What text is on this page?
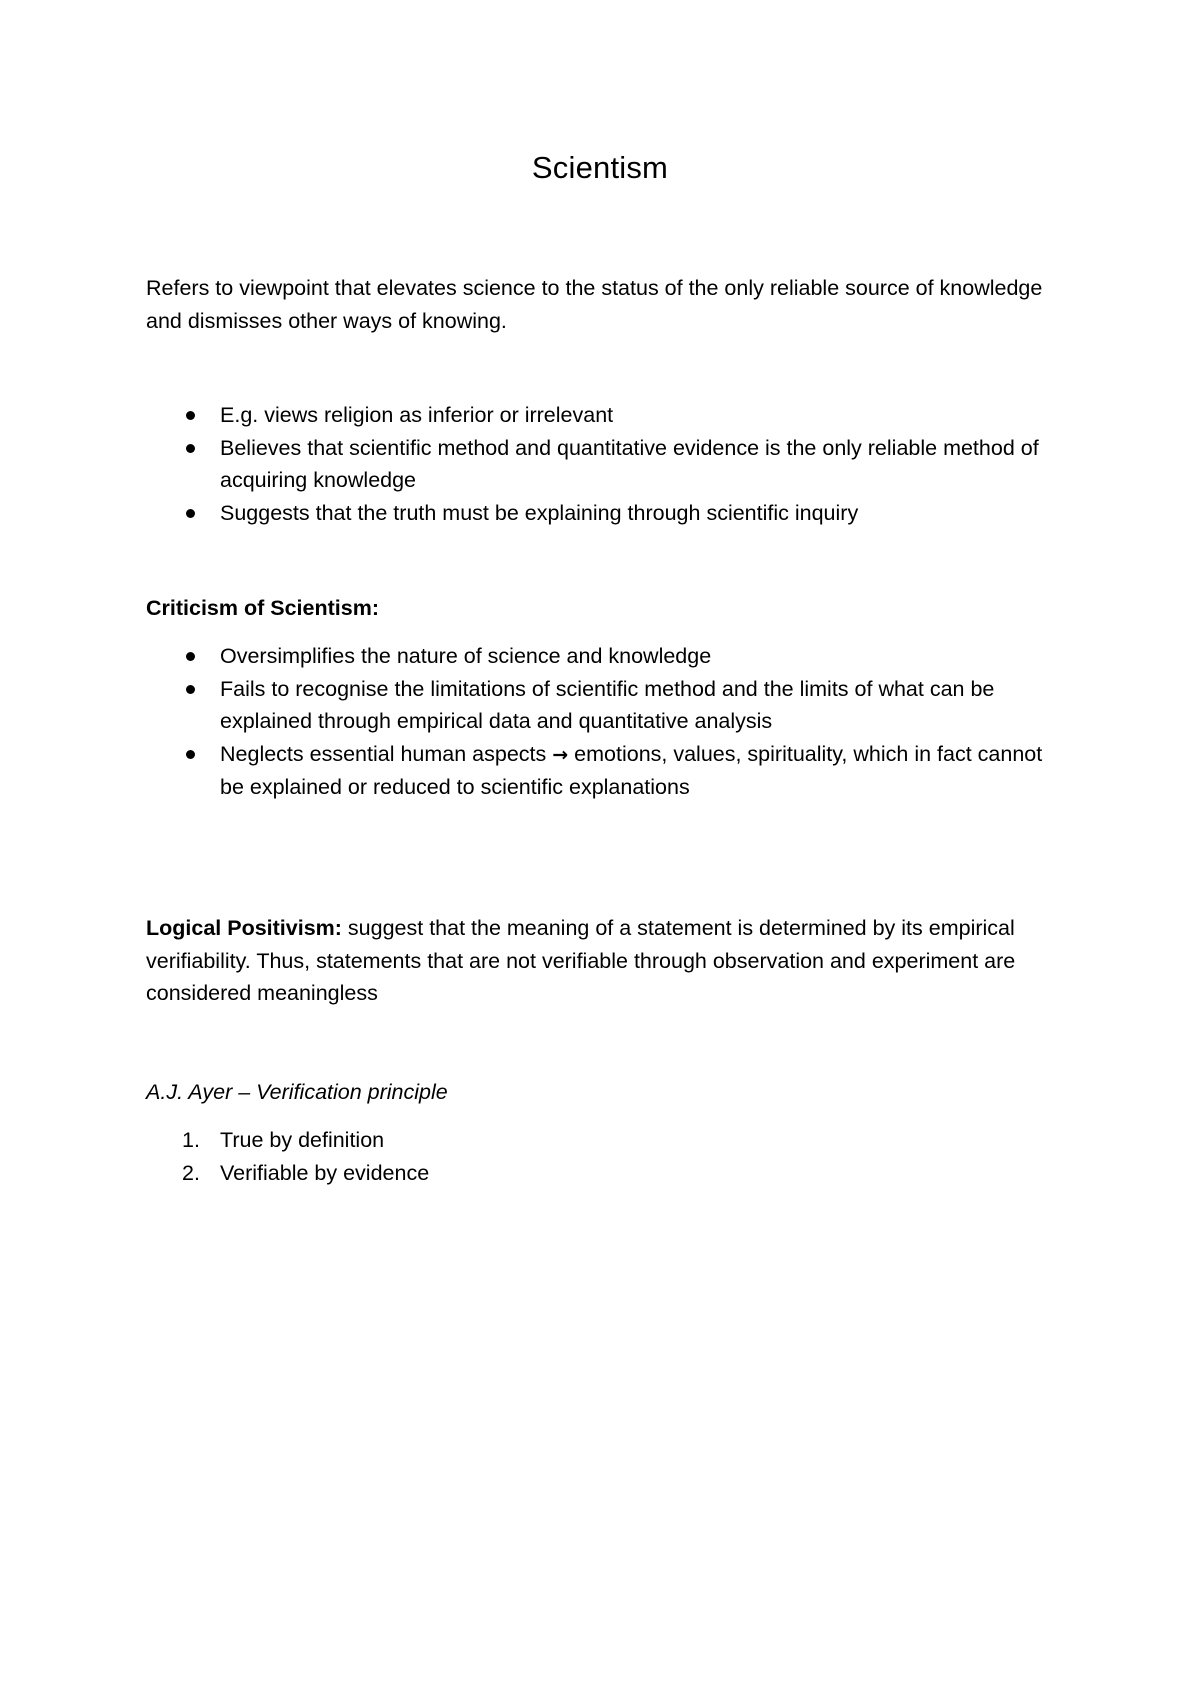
Scientism
Refers to viewpoint that elevates science to the status of the only reliable source of knowledge and dismisses other ways of knowing.
E.g. views religion as inferior or irrelevant
Believes that scientific method and quantitative evidence is the only reliable method of acquiring knowledge
Suggests that the truth must be explaining through scientific inquiry
Criticism of Scientism:
Oversimplifies the nature of science and knowledge
Fails to recognise the limitations of scientific method and the limits of what can be explained through empirical data and quantitative analysis
Neglects essential human aspects → emotions, values, spirituality, which in fact cannot be explained or reduced to scientific explanations
Logical Positivism: suggest that the meaning of a statement is determined by its empirical verifiability. Thus, statements that are not verifiable through observation and experiment are considered meaningless
A.J. Ayer – Verification principle
1. True by definition
2. Verifiable by evidence
